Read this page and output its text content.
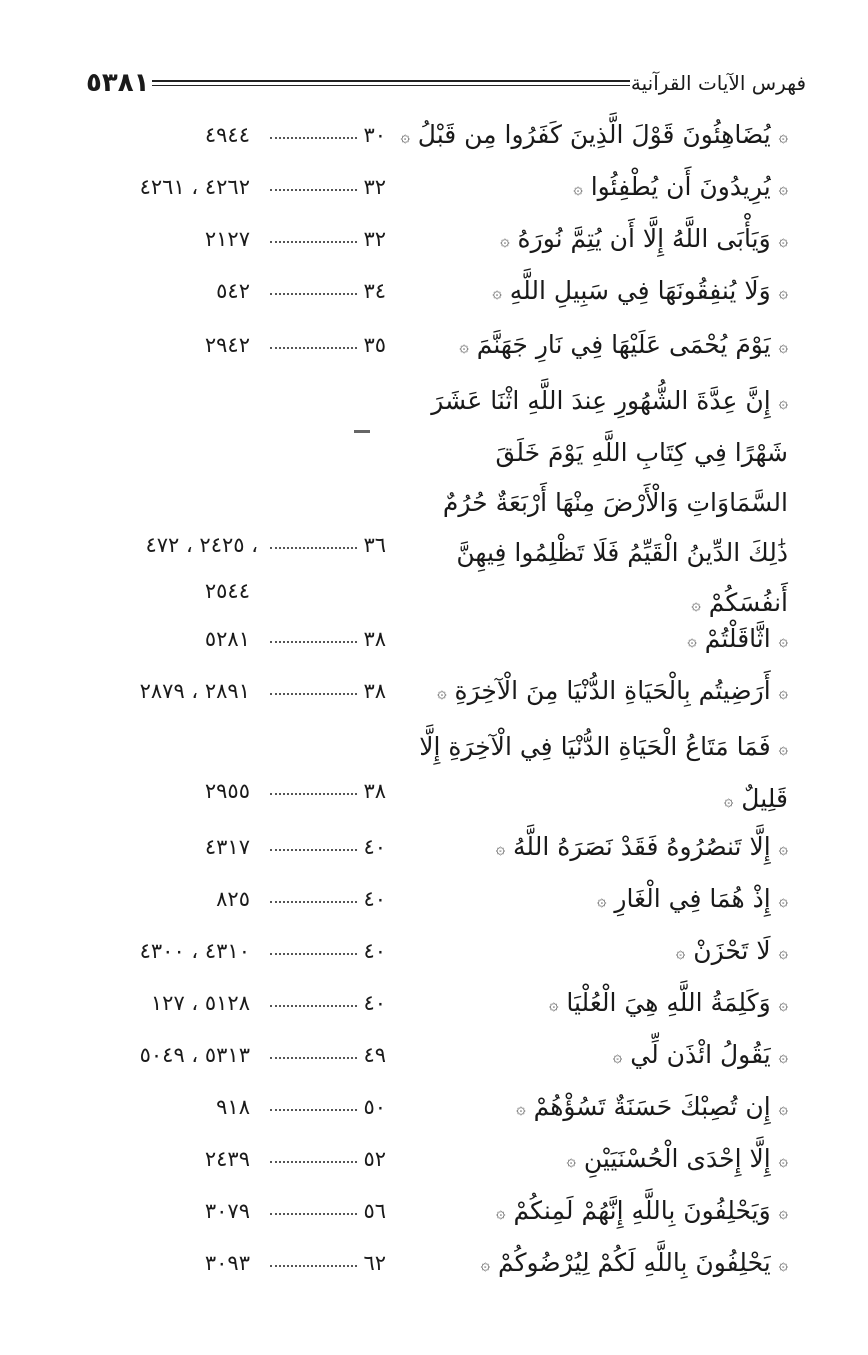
٥٣٨١	فهرس الآيات القرآنية
۞ يُضَاهِئُونَ قَوْلَ الَّذِينَ كَفَرُوا مِن قَبْلُ ۞
٣٠
٤٩٤٤
۞ يُرِيدُونَ أَن يُطْفِئُوا ۞
٣٢
٤٢٦٢ ، ٤٢٦١
۞ وَيَأْبَى اللَّهُ إِلَّا أَن يُتِمَّ نُورَهُ ۞
٣٢
٢١٢٧
۞ وَلَا يُنفِقُونَهَا فِي سَبِيلِ اللَّهِ ۞
٣٤
٥٤٢
۞ يَوْمَ يُحْمَى عَلَيْهَا فِي نَارِ جَهَنَّمَ ۞
٣٥
٢٩٤٢
۞ إِنَّ عِدَّةَ الشُّهُورِ عِندَ اللَّهِ اثْنَا عَشَرَ شَهْرًا فِي كِتَابِ اللَّهِ يَوْمَ خَلَقَ السَّمَاوَاتِ وَالْأَرْضَ مِنْهَا أَرْبَعَةٌ حُرُمٌ ذَٰلِكَ الدِّينُ الْقَيِّمُ فَلَا تَظْلِمُوا فِيهِنَّ أَنفُسَكُمْ ۞
٣٦
، ٢٤٢٥ ، ٤٧٢
٢٥٤٤
۞ اثَّاقَلْتُمْ ۞
٣٨
٥٢٨١
۞ أَرَضِيتُم بِالْحَيَاةِ الدُّنْيَا مِنَ الْآخِرَةِ ۞
٣٨
٢٨٩١ ، ٢٨٧٩
۞ فَمَا مَتَاعُ الْحَيَاةِ الدُّنْيَا فِي الْآخِرَةِ إِلَّا قَلِيلٌ ۞
٣٨
٢٩٥٥
۞ إِلَّا تَنصُرُوهُ فَقَدْ نَصَرَهُ اللَّهُ ۞
٤٠
٤٣١٧
۞ إِذْ هُمَا فِي الْغَارِ ۞
٤٠
٨٢٥
۞ لَا تَحْزَنْ ۞
٤٠
٤٣١٠ ، ٤٣٠٠
۞ وَكَلِمَةُ اللَّهِ هِيَ الْعُلْيَا ۞
٤٠
٥١٢٨ ، ١٢٧
۞ يَقُولُ ائْذَن لِّي ۞
٤٩
٥٣١٣ ، ٥٠٤٩
۞ إِن تُصِبْكَ حَسَنَةٌ تَسُؤْهُمْ ۞
٥٠
٩١٨
۞ إِلَّا إِحْدَى الْحُسْنَيَيْنِ ۞
٥٢
٢٤٣٩
۞ وَيَحْلِفُونَ بِاللَّهِ إِنَّهُمْ لَمِنكُمْ ۞
٥٦
٣٠٧٩
۞ يَحْلِفُونَ بِاللَّهِ لَكُمْ لِيُرْضُوكُمْ ۞
٦٢
٣٠٩٣
